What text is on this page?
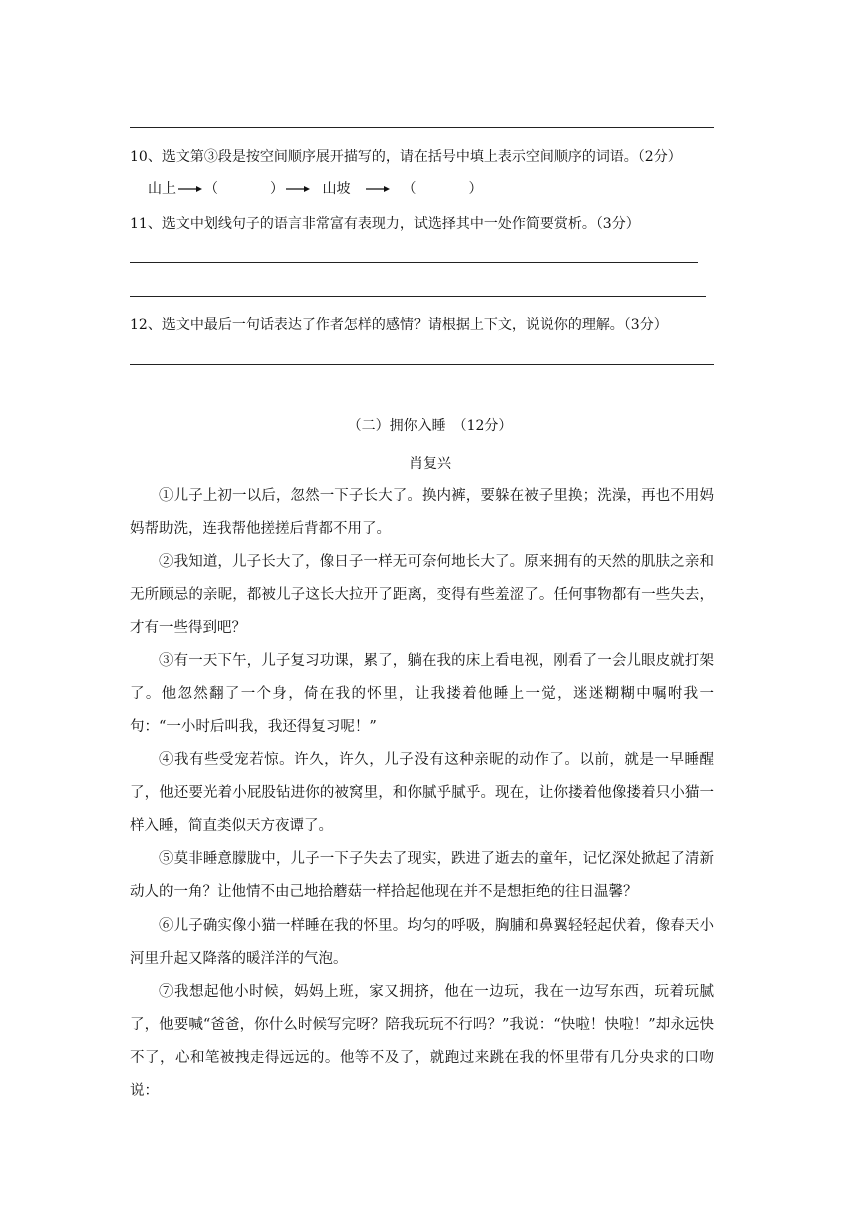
10、选文第③段是按空间顺序展开描写的，请在括号中填上表示空间顺序的词语。（2分）
山上 （	）	山坡	（	）
11、选文中划线句子的语言非常富有表现力，试选择其中一处作简要赏析。（3分）
12、选文中最后一句话表达了作者怎样的感情？请根据上下文，说说你的理解。（3分）
（二）拥你入睡　（12分）
肖复兴
①儿子上初一以后，忽然一下子长大了。换内裤，要躲在被子里换；洗澡，再也不用妈妈帮助洗，连我帮他搓搓后背都不用了。
②我知道，儿子长大了，像日子一样无可奈何地长大了。原来拥有的天然的肌肤之亲和无所顾忌的亲昵，都被儿子这长大拉开了距离，变得有些羞涩了。任何事物都有一些失去，才有一些得到吧？
③有一天下午，儿子复习功课，累了，躺在我的床上看电视，刚看了一会儿眼皮就打架了。他忽然翻了一个身，倚在我的怀里，让我搂着他睡上一觉，迷迷糊糊中嘱咐我一句：“一小时后叫我，我还得复习呢！”
④我有些受宠若惊。许久，许久，儿子没有这种亲昵的动作了。以前，就是一早睡醒了，他还要光着小屁股钻进你的被窝里，和你腻乎腻乎。现在，让你搂着他像搂着只小猫一样入睡，简直类似天方夜谭了。
⑤莫非睡意朦胧中，儿子一下子失去了现实，跌进了逝去的童年，记忆深处掀起了清新动人的一角？让他情不由己地拾蘑菇一样拾起他现在并不是想拒绝的往日温馨？
⑥儿子确实像小猫一样睡在我的怀里。均匀的呼吸，胸脯和鼻翼轻轻起伏着，像春天小河里升起又降落的暖洋洋的气泡。
⑦我想起他小时候，妈妈上班，家又拥挤，他在一边玩，我在一边写东西，玩着玩腻了，他要喊“爸爸，你什么时候写完呀？陪我玩玩不行吗？”我说：“快啦！快啦！”却永远快不了，心和笔被拽走得远远的。他等不及了，就跑过来跳在我的怀里带有几分央求的口吻说：
